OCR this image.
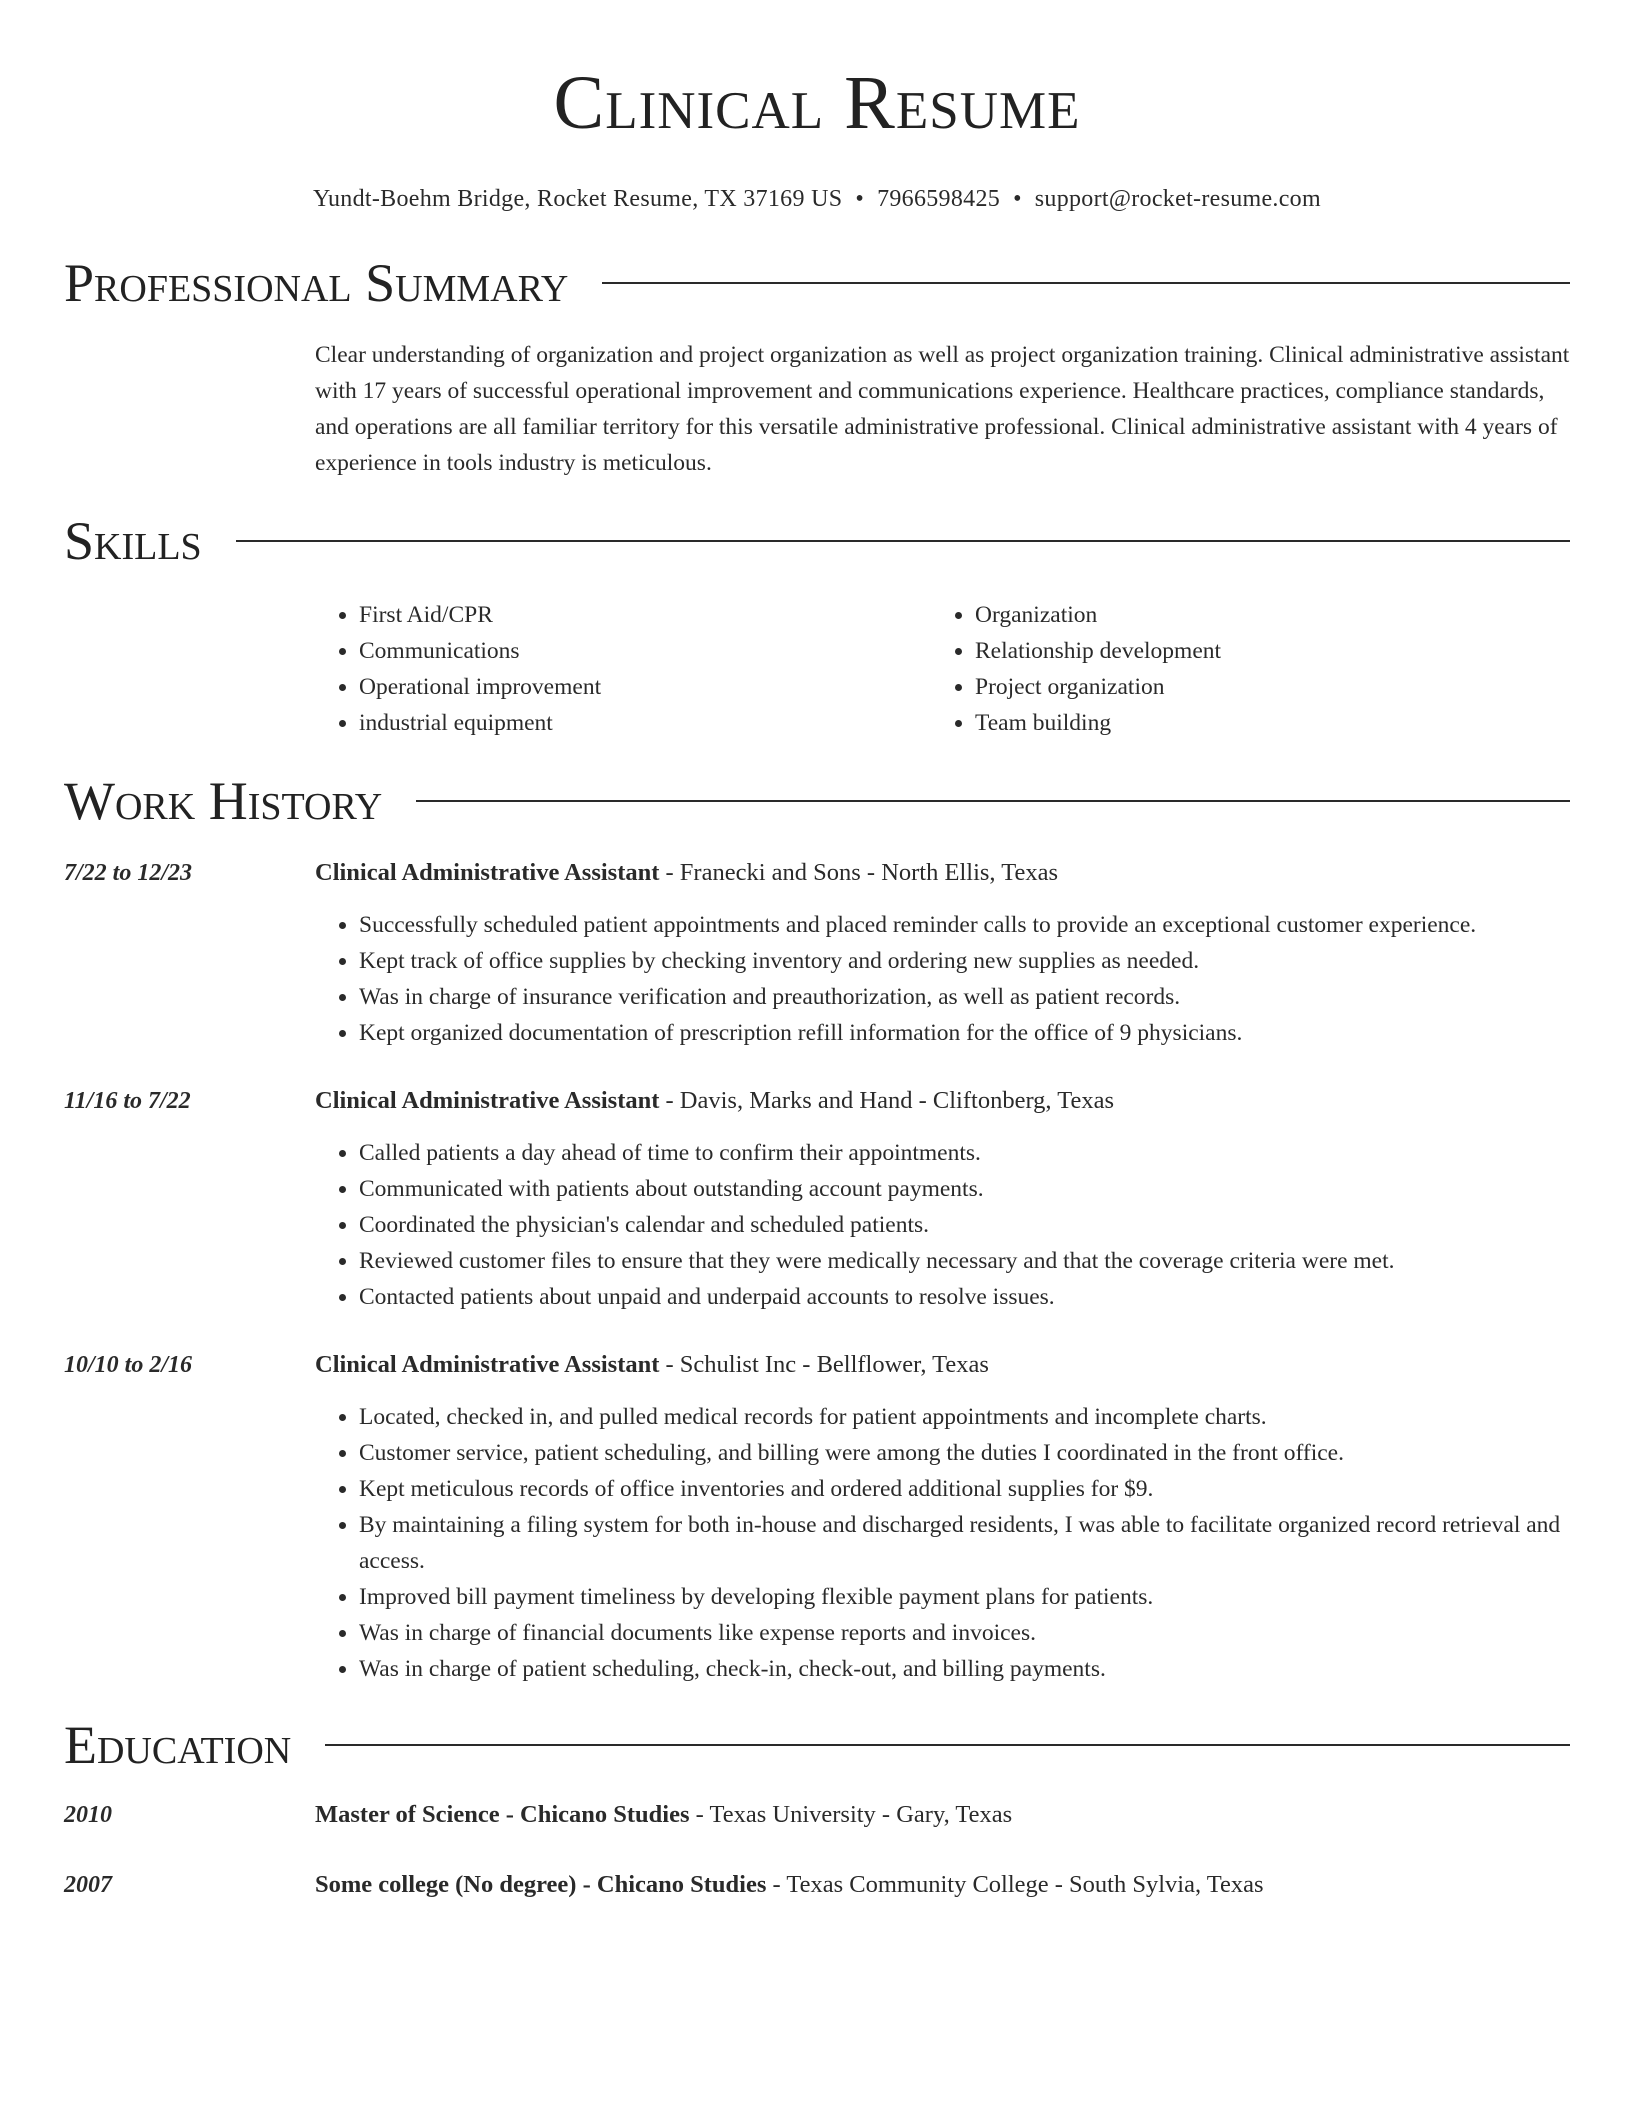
Clinical Resume
Yundt-Boehm Bridge, Rocket Resume, TX 37169 US • 7966598425 • support@rocket-resume.com
Professional Summary
Clear understanding of organization and project organization as well as project organization training. Clinical administrative assistant with 17 years of successful operational improvement and communications experience. Healthcare practices, compliance standards, and operations are all familiar territory for this versatile administrative professional. Clinical administrative assistant with 4 years of experience in tools industry is meticulous.
Skills
• First Aid/CPR
• Communications
• Operational improvement
• industrial equipment
• Organization
• Relationship development
• Project organization
• Team building
Work History
7/22 to 12/23	Clinical Administrative Assistant - Franecki and Sons - North Ellis, Texas
• Successfully scheduled patient appointments and placed reminder calls to provide an exceptional customer experience.
• Kept track of office supplies by checking inventory and ordering new supplies as needed.
• Was in charge of insurance verification and preauthorization, as well as patient records.
• Kept organized documentation of prescription refill information for the office of 9 physicians.
11/16 to 7/22	Clinical Administrative Assistant - Davis, Marks and Hand - Cliftonberg, Texas
• Called patients a day ahead of time to confirm their appointments.
• Communicated with patients about outstanding account payments.
• Coordinated the physician's calendar and scheduled patients.
• Reviewed customer files to ensure that they were medically necessary and that the coverage criteria were met.
• Contacted patients about unpaid and underpaid accounts to resolve issues.
10/10 to 2/16	Clinical Administrative Assistant - Schulist Inc - Bellflower, Texas
• Located, checked in, and pulled medical records for patient appointments and incomplete charts.
• Customer service, patient scheduling, and billing were among the duties I coordinated in the front office.
• Kept meticulous records of office inventories and ordered additional supplies for $9.
• By maintaining a filing system for both in-house and discharged residents, I was able to facilitate organized record retrieval and access.
• Improved bill payment timeliness by developing flexible payment plans for patients.
• Was in charge of financial documents like expense reports and invoices.
• Was in charge of patient scheduling, check-in, check-out, and billing payments.
Education
2010	Master of Science - Chicano Studies - Texas University - Gary, Texas
2007	Some college (No degree) - Chicano Studies - Texas Community College - South Sylvia, Texas
